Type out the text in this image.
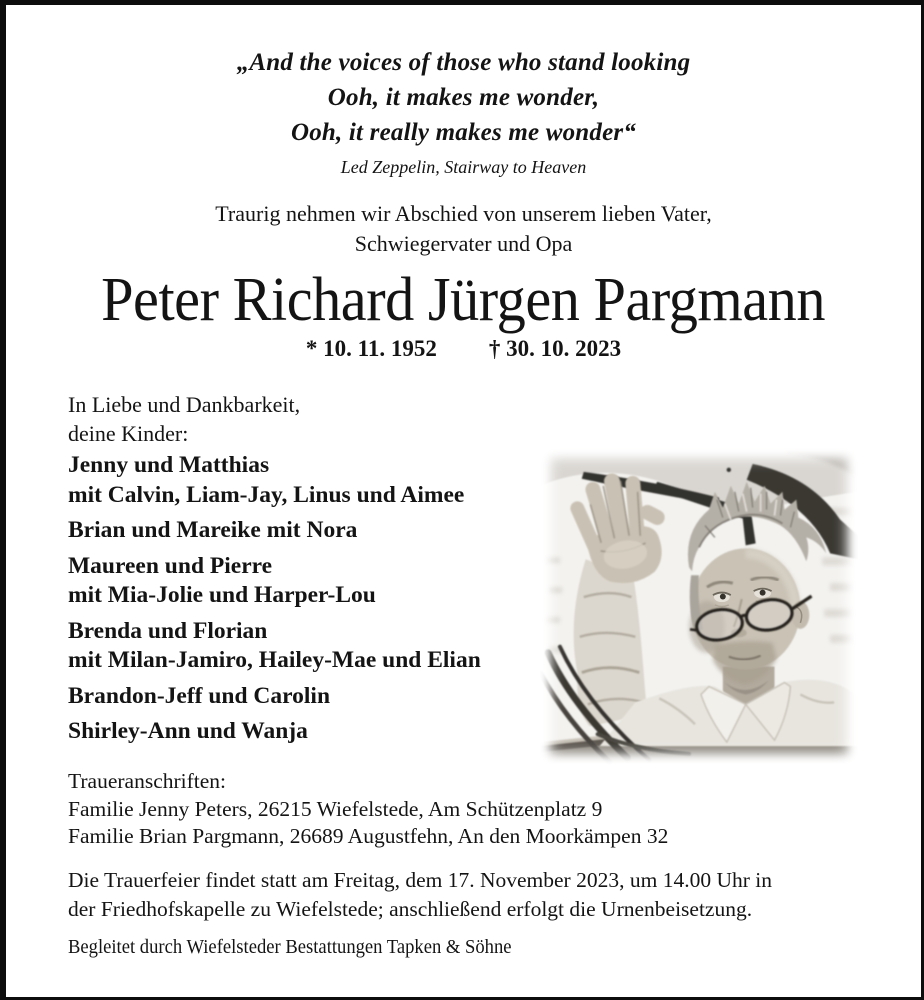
„And the voices of those who stand looking
Ooh, it makes me wonder,
Ooh, it really makes me wonder“
Led Zeppelin, Stairway to Heaven
Traurig nehmen wir Abschied von unserem lieben Vater,
Schwiegervater und Opa
Peter Richard Jürgen Pargmann
* 10. 11. 1952 † 30. 10. 2023
In Liebe und Dankbarkeit,
deine Kinder:

Jenny und Matthias
mit Calvin, Liam-Jay, Linus und Aimee

Brian und Mareike mit Nora

Maureen und Pierre
mit Mia-Jolie und Harper-Lou

Brenda und Florian
mit Milan-Jamiro, Hailey-Mae und Elian

Brandon-Jeff und Carolin

Shirley-Ann und Wanja

Traueranschriften:
Familie Jenny Peters, 26215 Wiefelstede, Am Schützenplatz 9
Familie Brian Pargmann, 26689 Augustfehn, An den Moorkämpen 32
Die Trauerfeier findet statt am Freitag, dem 17. November 2023, um 14.00 Uhr in
der Friedhofskapelle zu Wiefelstede; anschließend erfolgt die Urnenbeisetzung.
Begleitet durch Wiefelsteder Bestattungen Tapken & Söhne
